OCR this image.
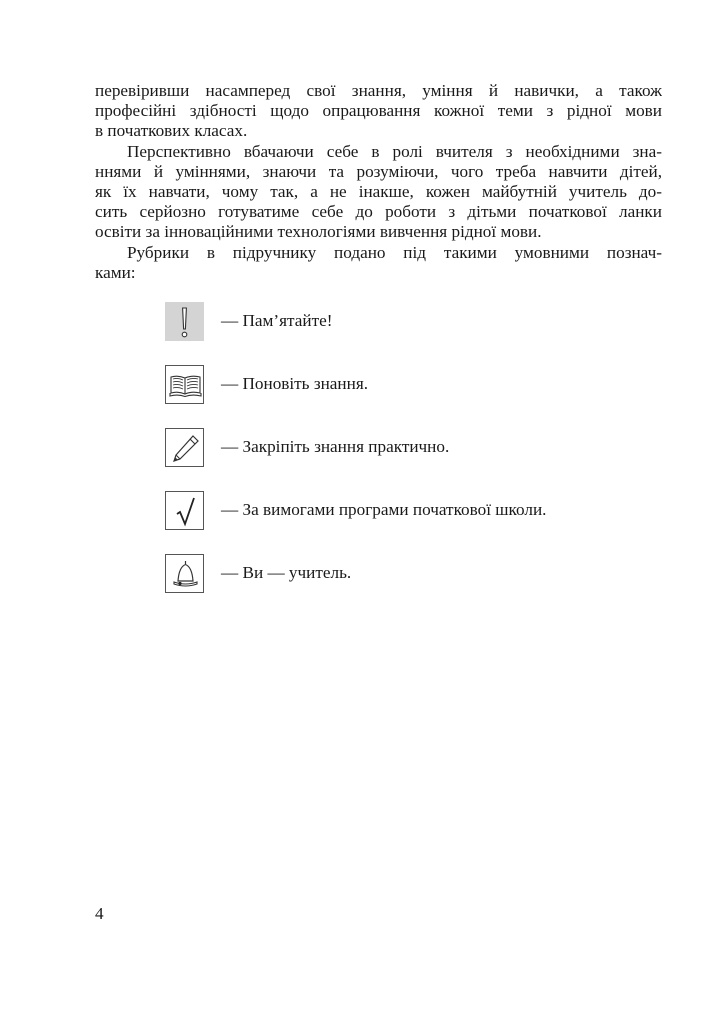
перевіривши насамперед свої знання, уміння й навички, а також
професійні здібності щодо опрацювання кожної теми з рідної мови
в початкових класах.
Перспективно вбачаючи себе в ролі вчителя з необхідними зна-
ннями й уміннями, знаючи та розуміючи, чого треба навчити дітей,
як їх навчати, чому так, а не інакше, кожен майбутній учитель до-
сить серйозно готуватиме себе до роботи з дітьми початкової ланки
освіти за інноваційними технологіями вивчення рідної мови.
Рубрики в підручнику подано під такими умовними познач-
ками:
— Пам’ятайте!
— Поновіть знання.
— Закріпіть знання практично.
— За вимогами програми початкової школи.
— Ви — учитель.
4
